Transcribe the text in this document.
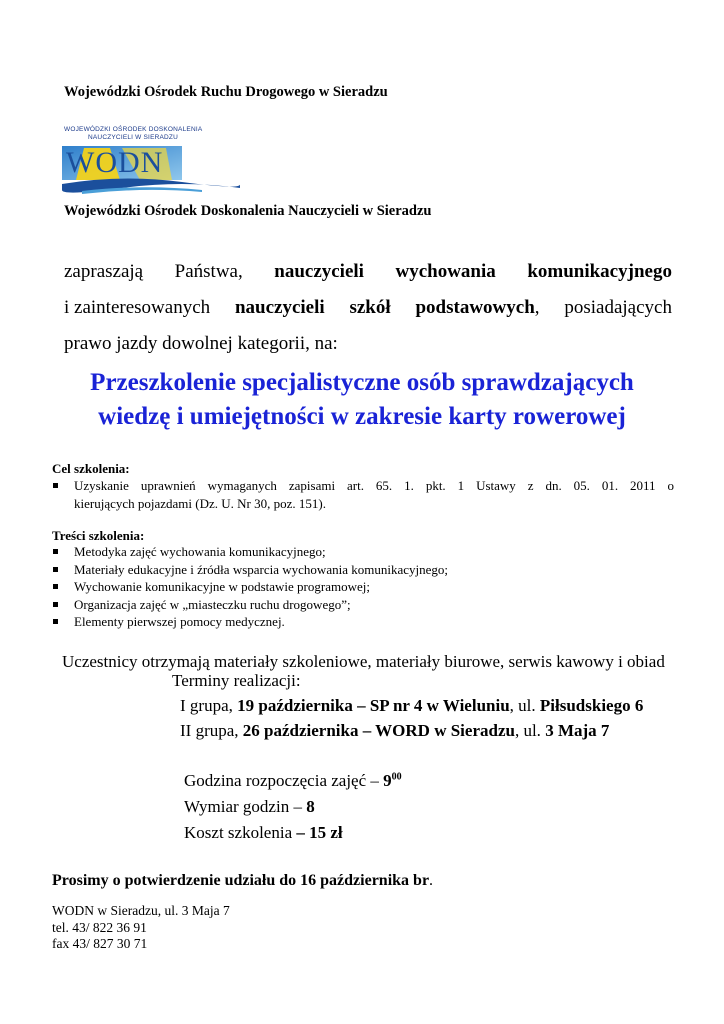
Wojewódzki Ośrodek Ruchu Drogowego w Sieradzu
WOJEWÓDZKI OŚRODEK DOSKONALENIA
NAUCZYCIELI W SIERADZU
WODN
Wojewódzki Ośrodek Doskonalenia Nauczycieli w Sieradzu
zapraszają Państwa, nauczycieli wychowania komunikacyjnego
i zainteresowanych nauczycieli szkół podstawowych, posiadających
prawo jazdy dowolnej kategorii, na:
Przeszkolenie specjalistyczne osób sprawdzających
wiedzę i umiejętności w zakresie karty rowerowej
Cel szkolenia:
Uzyskanie uprawnień wymaganych zapisami art. 65. 1. pkt. 1 Ustawy z dn. 05. 01. 2011 o
kierujących pojazdami (Dz. U. Nr 30, poz. 151).
Treści szkolenia:
Metodyka zajęć wychowania komunikacyjnego;
Materiały edukacyjne i źródła wsparcia wychowania komunikacyjnego;
Wychowanie komunikacyjne w podstawie programowej;
Organizacja zajęć w „miasteczku ruchu drogowego”;
Elementy pierwszej pomocy medycznej.
Uczestnicy otrzymają materiały szkoleniowe, materiały biurowe, serwis kawowy i obiad
Terminy realizacji:
I grupa, 19 października – SP nr 4 w Wieluniu, ul. Piłsudskiego 6
II grupa, 26 października – WORD w Sieradzu, ul. 3 Maja 7
Godzina rozpoczęcia zajęć – $9^{00}$
Wymiar godzin – 8
Koszt szkolenia – 15 zł
Prosimy o potwierdzenie udziału do 16 października br.
WODN w Sieradzu, ul. 3 Maja 7
tel. 43/ 822 36 91
fax 43/ 827 30 71
